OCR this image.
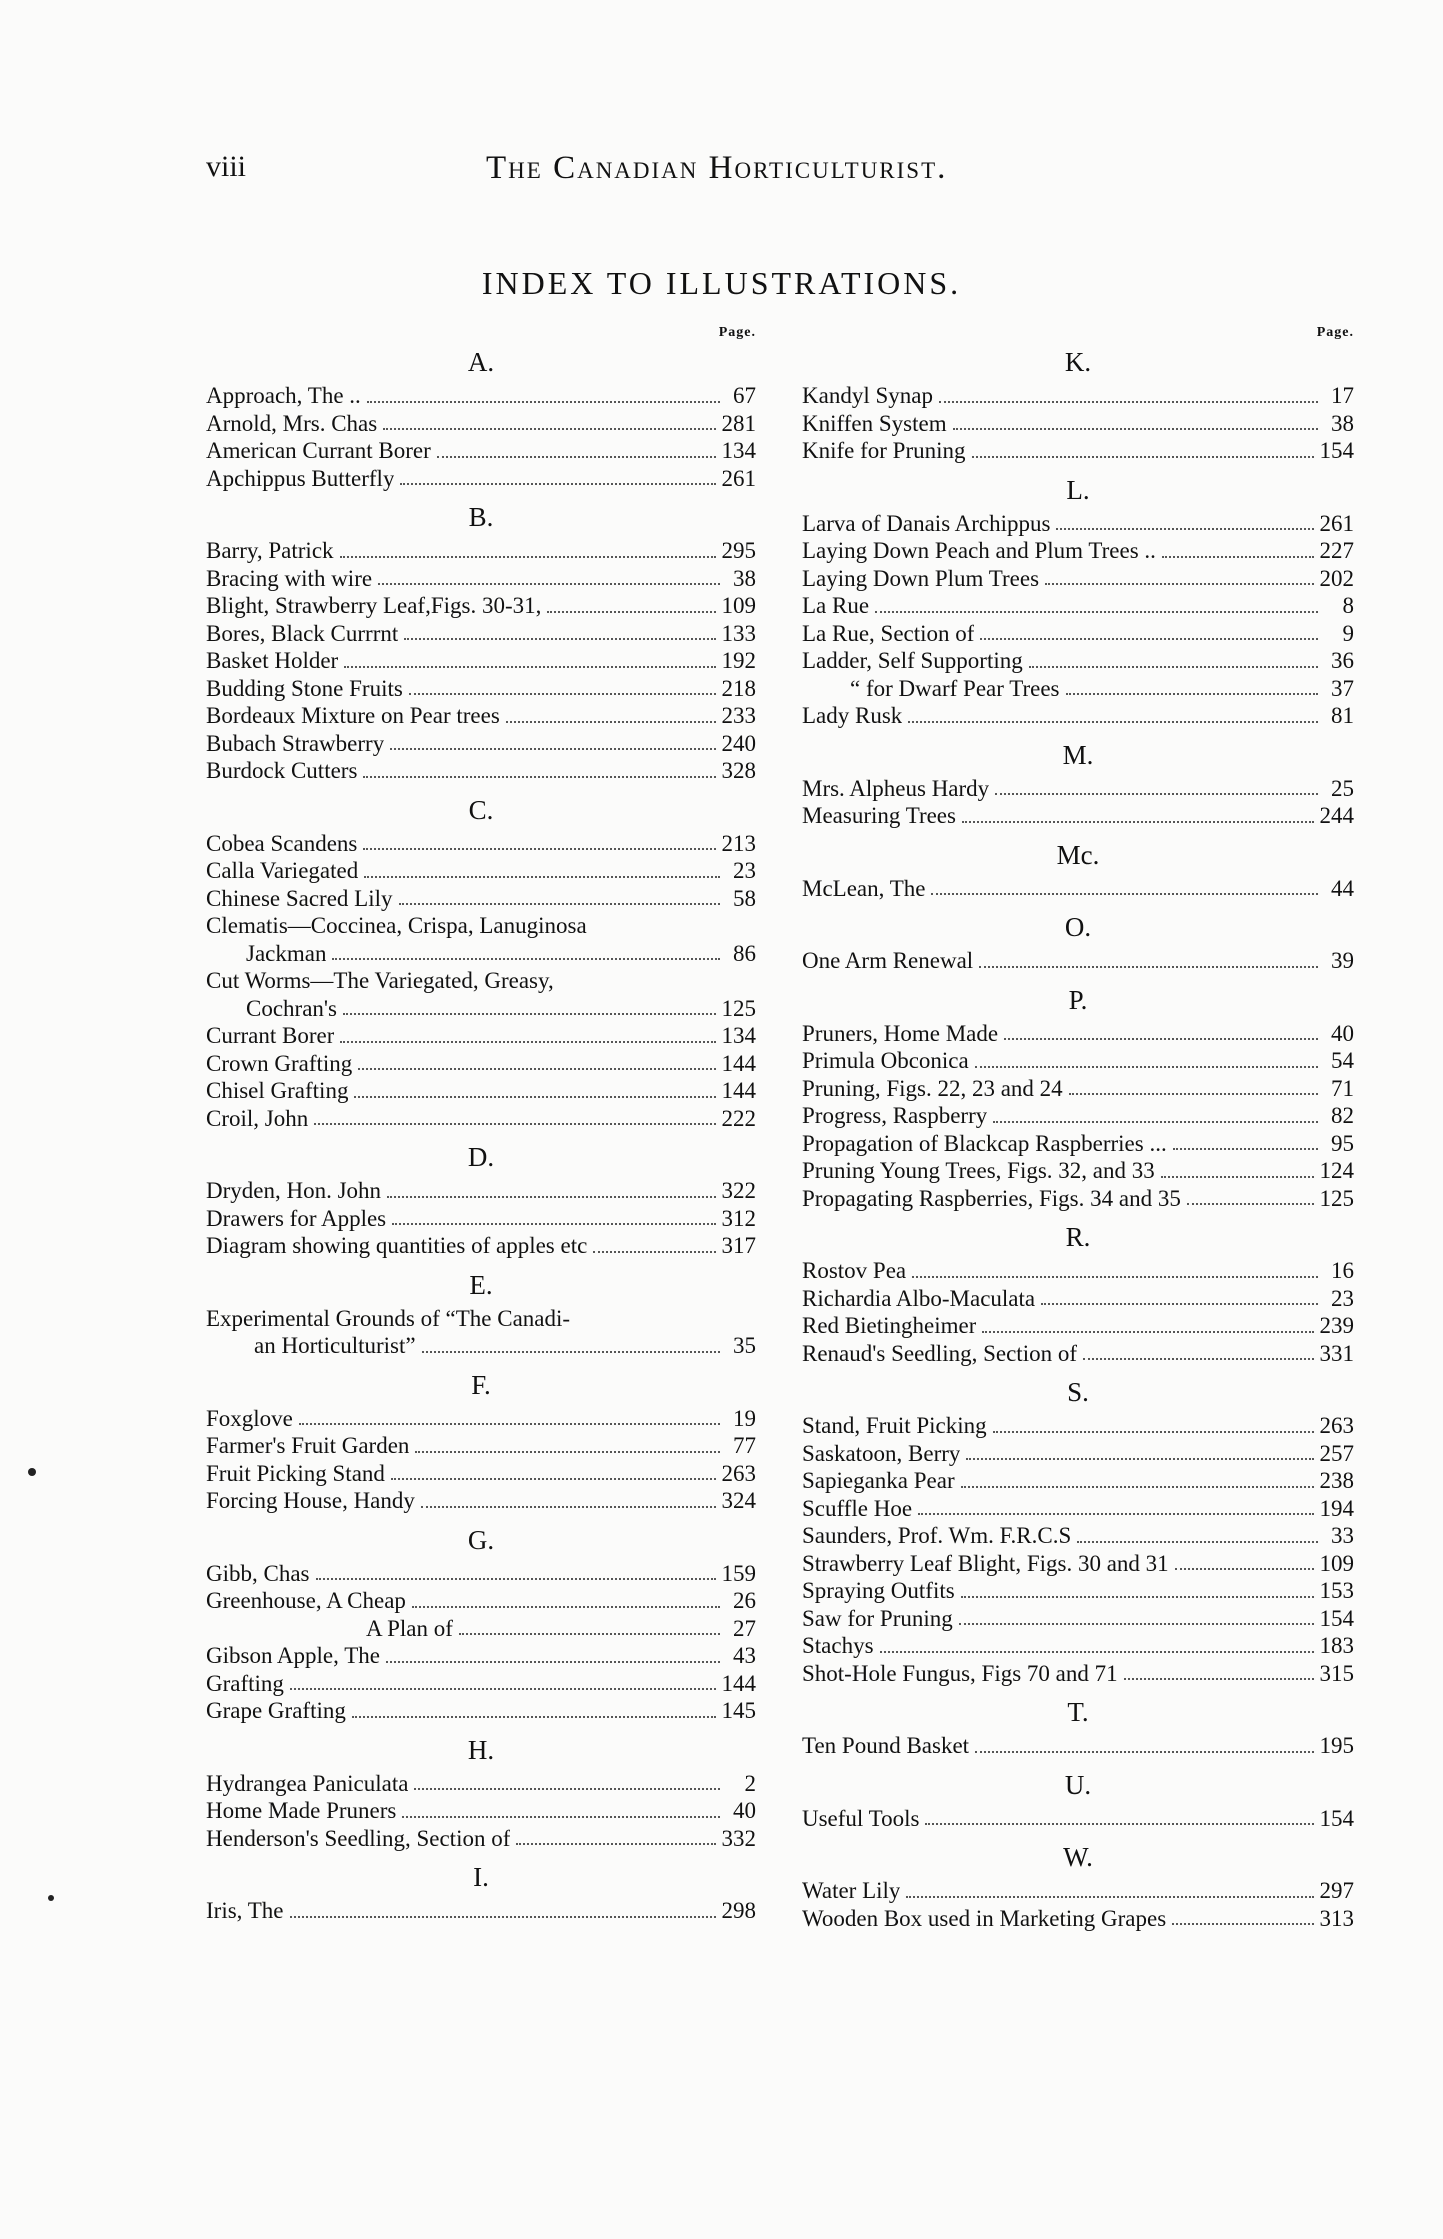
viii	The Canadian Horticulturist.
INDEX TO ILLUSTRATIONS.
Page.
A.
Approach, The ..	67
Arnold, Mrs. Chas	281
American Currant Borer	134
Apchippus Butterfly	261
B.
Barry, Patrick	295
Bracing with wire	38
Blight, Strawberry Leaf,Figs. 30-31,	109
Bores, Black Currrnt	133
Basket Holder	192
Budding Stone Fruits	218
Bordeaux Mixture on Pear trees	233
Bubach Strawberry	240
Burdock Cutters	328
C.
Cobea Scandens	213
Calla Variegated	23
Chinese Sacred Lily	58
Clematis—Coccinea, Crispa, Lanuginosa
Jackman	86
Cut Worms—The Variegated, Greasy,
Cochran's	125
Currant Borer	134
Crown Grafting	144
Chisel Grafting	144
Croil, John	222
D.
Dryden, Hon. John	322
Drawers for Apples	312
Diagram showing quantities of apples etc	317
E.
Experimental Grounds of “The Canadi-
an Horticulturist”	35
F.
Foxglove	19
Farmer's Fruit Garden	77
Fruit Picking Stand	263
Forcing House, Handy	324
G.
Gibb, Chas	159
Greenhouse, A Cheap	26
A Plan of	27
Gibson Apple, The	43
Grafting	144
Grape Grafting	145
H.
Hydrangea Paniculata	2
Home Made Pruners	40
Henderson's Seedling, Section of	332
I.
Iris, The	298
Page.
K.
Kandyl Synap	17
Kniffen System	38
Knife for Pruning	154
L.
Larva of Danais Archippus	261
Laying Down Peach and Plum Trees ..	227
Laying Down Plum Trees	202
La Rue	8
La Rue, Section of	9
Ladder, Self Supporting	36
“ for Dwarf Pear Trees	37
Lady Rusk	81
M.
Mrs. Alpheus Hardy	25
Measuring Trees	244
Mc.
McLean, The	44
O.
One Arm Renewal	39
P.
Pruners, Home Made	40
Primula Obconica	54
Pruning, Figs. 22, 23 and 24	71
Progress, Raspberry	82
Propagation of Blackcap Raspberries ...	95
Pruning Young Trees, Figs. 32, and 33	124
Propagating Raspberries, Figs. 34 and 35	125
R.
Rostov Pea	16
Richardia Albo-Maculata	23
Red Bietingheimer	239
Renaud's Seedling, Section of	331
S.
Stand, Fruit Picking	263
Saskatoon, Berry	257
Sapieganka Pear	238
Scuffle Hoe	194
Saunders, Prof. Wm. F.R.C.S	33
Strawberry Leaf Blight, Figs. 30 and 31	109
Spraying Outfits	153
Saw for Pruning	154
Stachys	183
Shot-Hole Fungus, Figs 70 and 71	315
T.
Ten Pound Basket	195
U.
Useful Tools	154
W.
Water Lily	297
Wooden Box used in Marketing Grapes	313
